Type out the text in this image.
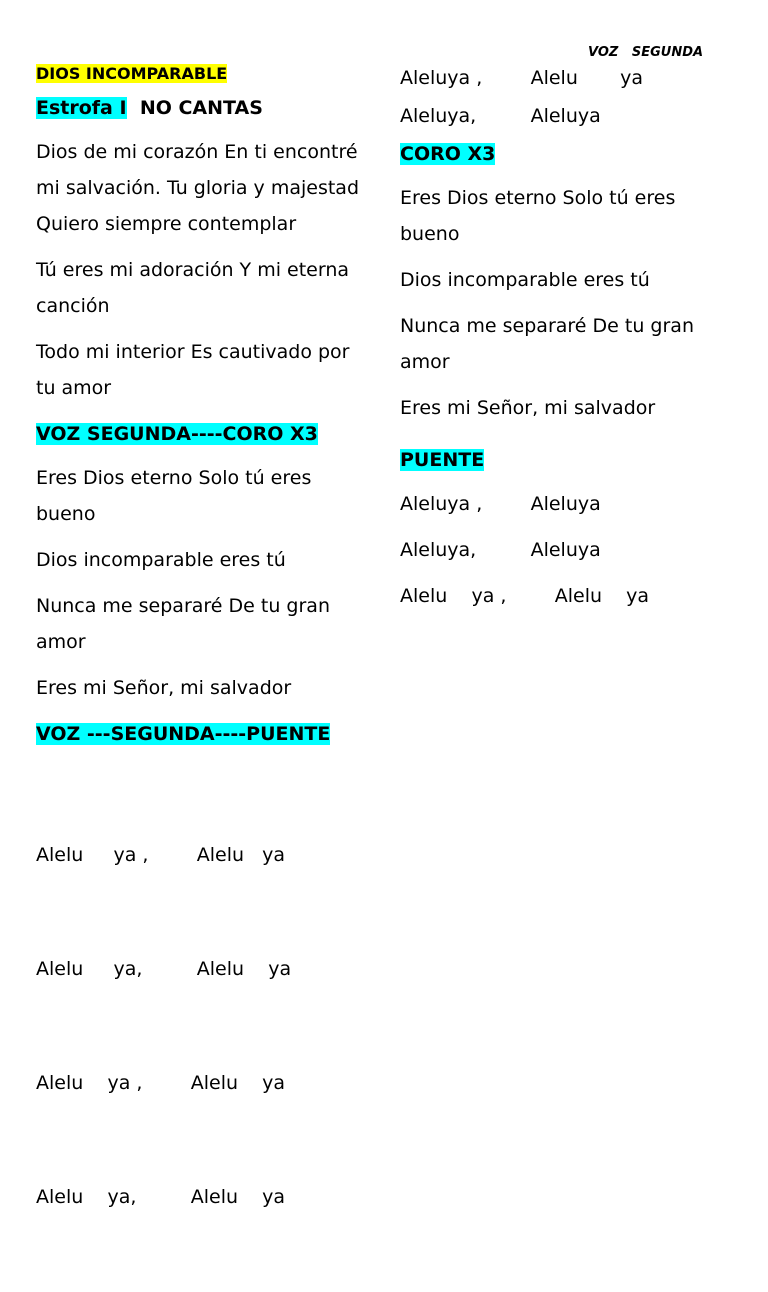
VOZ   SEGUNDA
DIOS INCOMPARABLE
Estrofa I NO CANTAS

Dios de mi corazón En ti encontré mi salvación. Tu gloria y majestad Quiero siempre contemplar

Tú eres mi adoración Y mi eterna canción

Todo mi interior Es cautivado por tu amor

VOZ SEGUNDA----CORO X3

Eres Dios eterno Solo tú eres bueno

Dios incomparable eres tú

Nunca me separaré De tu gran amor

Eres mi Señor, mi salvador

VOZ ---SEGUNDA----PUENTE

Alelu     ya ,        Alelu   ya

Alelu     ya,         Alelu    ya

Alelu    ya ,        Alelu    ya

Alelu    ya,         Alelu    ya

Aleluya ,        Alelu       ya

Aleluya,         Aleluya

CORO X3

Eres Dios eterno Solo tú eres bueno

Dios incomparable eres tú

Nunca me separaré De tu gran amor

Eres mi Señor, mi salvador

PUENTE

Aleluya ,        Aleluya

Aleluya,         Aleluya

Alelu    ya ,        Alelu    ya
